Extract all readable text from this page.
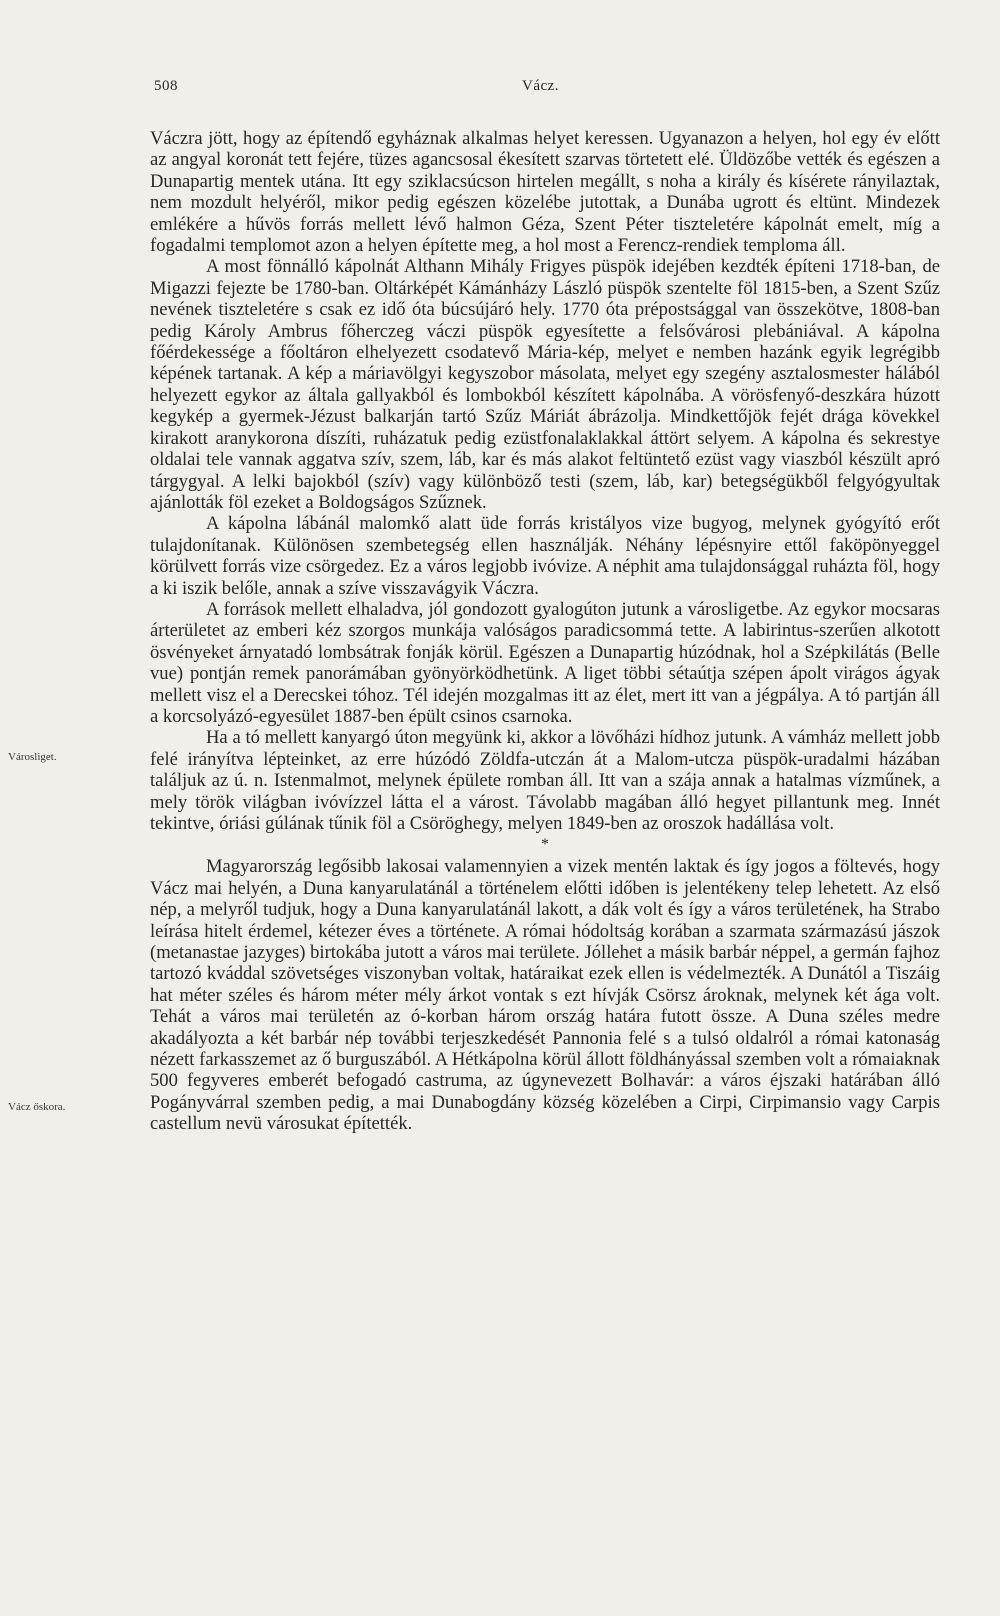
508	Vácz.
Városliget.
Vácz őskora.

Váczra jött, hogy az építendő egyháznak alkalmas helyet keressen. Ugyanazon a helyen, hol egy év előtt az angyal koronát tett fejére, tüzes agancsosal ékesített szarvas törtetett elé. Üldözőbe vették és egészen a Dunapartig mentek utána. Itt egy sziklacsúcson hirtelen megállt, s noha a király és kísérete rányilaztak, nem mozdult helyéről, mikor pedig egészen közelébe jutottak, a Dunába ugrott és eltünt. Mindezek emlékére a hűvös forrás mellett lévő halmon Géza, Szent Péter tiszteletére kápolnát emelt, míg a fogadalmi templomot azon a helyen építette meg, a hol most a Ferencz-rendiek temploma áll.

A most fönnálló kápolnát Althann Mihály Frigyes püspök idejében kezdték építeni 1718-ban, de Migazzi fejezte be 1780-ban. Oltárképét Kámánházy László püspök szentelte föl 1815-ben, a Szent Szűz nevének tiszteletére s csak ez idő óta búcsújáró hely. 1770 óta prépostsággal van összekötve, 1808-ban pedig Károly Ambrus főherczeg váczi püspök egyesítette a felsővárosi plebániával. A kápolna főérdekessége a főoltáron elhelyezett csodatevő Mária-kép, melyet e nemben hazánk egyik legrégibb képének tartanak. A kép a máriavölgyi kegyszobor másolata, melyet egy szegény asztalosmester hálából helyezett egykor az általa gallyakból és lombokból készített kápolnába. A vörösfenyő-deszkára húzott kegykép a gyermek-Jézust balkarján tartó Szűz Máriát ábrázolja. Mindkettőjök fejét drága kövekkel kirakott aranykorona díszíti, ruházatuk pedig ezüstfonalaklakkal áttört selyem. A kápolna és sekrestye oldalai tele vannak aggatva szív, szem, láb, kar és más alakot feltüntető ezüst vagy viaszból készült apró tárgygyal. A lelki bajokból (szív) vagy különböző testi (szem, láb, kar) betegségükből felgyógyultak ajánlották föl ezeket a Boldogságos Szűznek.

A kápolna lábánál malomkő alatt üde forrás kristályos vize bugyog, melynek gyógyító erőt tulajdonítanak. Különösen szembetegség ellen használják. Néhány lépésnyire ettől faköpönyeggel körülvett forrás vize csörgedez. Ez a város legjobb ivóvize. A néphit ama tulajdonsággal ruházta föl, hogy a ki iszik belőle, annak a szíve visszavágyik Váczra.

A források mellett elhaladva, jól gondozott gyalogúton jutunk a városligetbe. Az egykor mocsaras árterületet az emberi kéz szorgos munkája valóságos paradicsommá tette. A labirintus-szerűen alkotott ösvényeket árnyatadó lombsátrak fonják körül. Egészen a Dunapartig húzódnak, hol a Szépkilátás (Belle vue) pontján remek panorámában gyönyörködhetünk. A liget többi sétaútja szépen ápolt virágos ágyak mellett visz el a Derecskei tóhoz. Tél idején mozgalmas itt az élet, mert itt van a jégpálya. A tó partján áll a korcsolyázó-egyesület 1887-ben épült csinos csarnoka.

Ha a tó mellett kanyargó úton megyünk ki, akkor a lövőházi hídhoz jutunk. A vámház mellett jobb felé irányítva lépteinket, az erre húzódó Zöldfa-utczán át a Malom-utcza püspök-uradalmi házában találjuk az ú. n. Istenmalmot, melynek épülete romban áll. Itt van a szája annak a hatalmas vízműnek, a mely török világban ivóvízzel látta el a várost. Távolabb magában álló hegyet pillantunk meg. Innét tekintve, óriási gúlának tűnik föl a Csöröghegy, melyen 1849-ben az oroszok hadállása volt.

*

Magyarország legősibb lakosai valamennyien a vizek mentén laktak és így jogos a föltevés, hogy Vácz mai helyén, a Duna kanyarulatánál a történelem előtti időben is jelentékeny telep lehetett. Az első nép, a melyről tudjuk, hogy a Duna kanyarulatánál lakott, a dák volt és így a város területének, ha Strabo leírása hitelt érdemel, kétezer éves a története. A római hódoltság korában a szarmata származású jászok (metanastae jazyges) birtokába jutott a város mai területe. Jóllehet a másik barbár néppel, a germán fajhoz tartozó kváddal szövetséges viszonyban voltak, határaikat ezek ellen is védelmezték. A Dunától a Tiszáig hat méter széles és három méter mély árkot vontak s ezt hívják Csörsz ároknak, melynek két ága volt. Tehát a város mai területén az ó-korban három ország határa futott össze. A Duna széles medre akadályozta a két barbár nép további terjeszkedését Pannonia felé s a tulsó oldalról a római katonaság nézett farkasszemet az ő burguszából. A Hétkápolna körül állott földhányással szemben volt a rómaiaknak 500 fegyveres emberét befogadó castruma, az úgynevezett Bolhavár: a város éjszaki határában álló Pogányvárral szemben pedig, a mai Dunabogdány község közelében a Cirpi, Cirpimansio vagy Carpis castellum nevü városukat építették.
